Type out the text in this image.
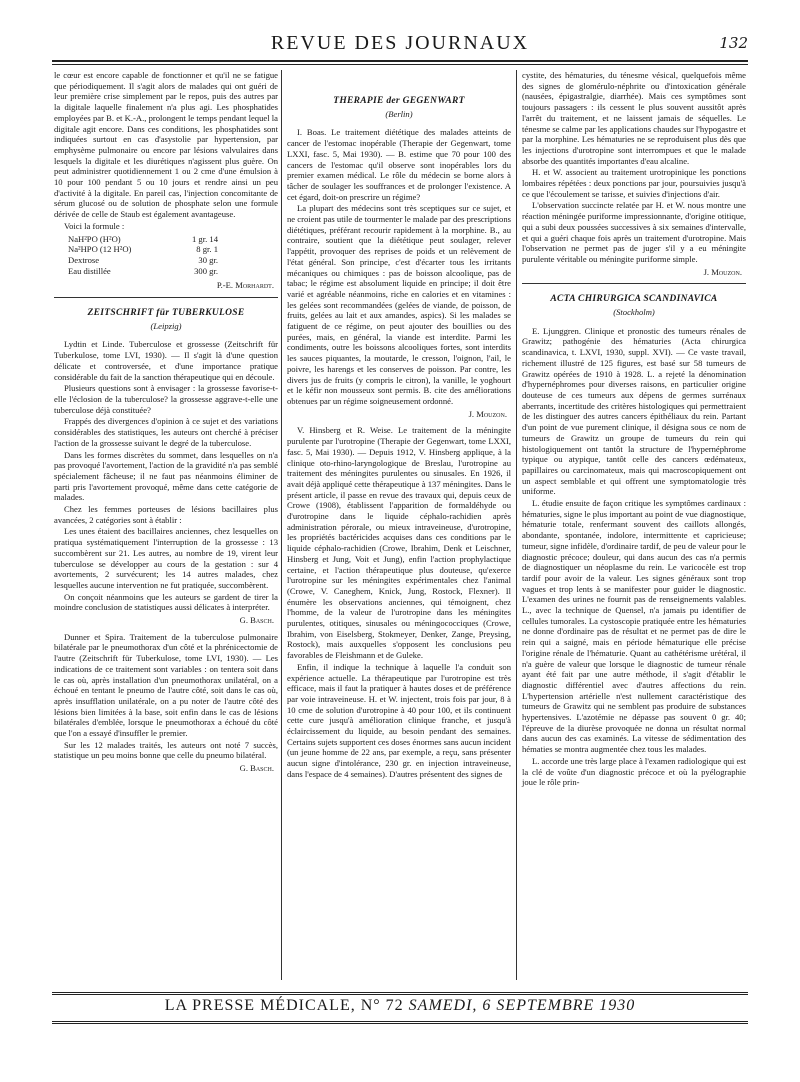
REVUE DES JOURNAUX	132

le cœur est encore capable de fonctionner et qu'il ne se fatigue que périodiquement. Il s'agit alors de malades qui ont guéri de leur première crise simplement par le repos, puis des autres par la digitale laquelle finalement n'a plus agi. Les phosphatides employées par B. et K.-A., prolongent le temps pendant lequel la digitale agit encore. Dans ces conditions, les phosphatides sont indiquées surtout en cas d'asystolie par hypertension, par emphysème pulmonaire ou encore par lésions valvulaires dans lesquels la digitale et les diurétiques n'agissent plus guère. On peut administrer quotidiennement 1 ou 2 cme d'une émulsion à 10 pour 100 pendant 5 ou 10 jours et rendre ainsi un peu d'activité à la digitale. En pareil cas, l'injection concomitante de sérum glucosé ou de solution de phosphate selon une formule dérivée de celle de Staub est également avantageuse.

Voici la formule :

NaH²PO (H²O)	1 gr. 14
Na²HPO (12 H²O)	8 gr. 1
Dextrose	30 gr.
Eau distillée	300 gr.
P.-E. Morhardt.
ZEITSCHRIFT für TUBERKULOSE
(Leipzig)

Lydtin et Linde. Tuberculose et grossesse (Zeitschrift für Tuberkulose, tome LVI, 1930). — Il s'agit là d'une question délicate et controversée, et d'une importance pratique considérable du fait de la sanction thérapeutique qui en découle.

Plusieurs questions sont à envisager : la grossesse favorise-t-elle l'éclosion de la tuberculose? la grossesse aggrave-t-elle une tuberculose déjà constituée?

Frappés des divergences d'opinion à ce sujet et des variations considérables des statistiques, les auteurs ont cherché à préciser l'action de la grossesse suivant le degré de la tuberculose.

Dans les formes discrètes du sommet, dans lesquelles on n'a pas provoqué l'avortement, l'action de la gravidité n'a pas semblé spécialement fâcheuse; il ne faut pas néanmoins éliminer de parti pris l'avortement provoqué, même dans cette catégorie de malades.

Chez les femmes porteuses de lésions bacillaires plus avancées, 2 catégories sont à établir :

Les unes étaient des bacillaires anciennes, chez lesquelles on pratiqua systématiquement l'interruption de la grossesse : 13 succombèrent sur 21. Les autres, au nombre de 19, virent leur tuberculose se développer au cours de la gestation : sur 4 avortements, 2 survécurent; les 14 autres malades, chez lesquelles aucune intervention ne fut pratiquée, succombèrent.

On conçoit néanmoins que les auteurs se gardent de tirer la moindre conclusion de statistiques aussi délicates à interpréter.

G. Basch.

Dunner et Spira. Traitement de la tuberculose pulmonaire bilatérale par le pneumothorax d'un côté et la phrénicectomie de l'autre (Zeitschrift für Tuberkulose, tome LVI, 1930). — Les indications de ce traitement sont variables : on tentera soit dans le cas où, après installation d'un pneumothorax unilatéral, on a échoué en tentant le pneumo de l'autre côté, soit dans le cas où, après insufflation unilatérale, on a pu noter de l'autre côté des lésions bien limitées à la base, soit enfin dans le cas de lésions bilatérales d'emblée, lorsque le pneumothorax a échoué du côté que l'on a essayé d'insuffler le premier.

Sur les 12 malades traités, les auteurs ont noté 7 succès, statistique un peu moins bonne que celle du pneumo bilatéral.

G. Basch.
THERAPIE der GEGENWART
(Berlin)

I. Boas. Le traitement diététique des malades atteints de cancer de l'estomac inopérable (Therapie der Gegenwart, tome LXXI, fasc. 5, Mai 1930). — B. estime que 70 pour 100 des cancers de l'estomac qu'il observe sont inopérables lors du premier examen médical. Le rôle du médecin se borne alors à tâcher de soulager les souffrances et de prolonger l'existence. A cet égard, doit-on prescrire un régime?

La plupart des médecins sont très sceptiques sur ce sujet, et ne croient pas utile de tourmenter le malade par des prescriptions diététiques, préférant recourir rapidement à la morphine. B., au contraire, soutient que la diététique peut soulager, relever l'appétit, provoquer des reprises de poids et un relèvement de l'état général. Son principe, c'est d'écarter tous les irritants mécaniques ou chimiques : pas de boisson alcoolique, pas de tabac; le régime est absolument liquide en principe; il doit être varié et agréable néanmoins, riche en calories et en vitamines : les gelées sont recommandées (gelées de viande, de poisson, de fruits, gelées au lait et aux amandes, aspics). Si les malades se fatiguent de ce régime, on peut ajouter des bouillies ou des purées, mais, en général, la viande est interdite. Parmi les condiments, outre les boissons alcooliques fortes, sont interdits les sauces piquantes, la moutarde, le cresson, l'oignon, l'ail, le poivre, les harengs et les conserves de poisson. Par contre, les divers jus de fruits (y compris le citron), la vanille, le yoghourt et le kéfir non mousseux sont permis. B. cite des améliorations obtenues par un régime soigneusement ordonné.

J. Mouzon.

V. Hinsberg et R. Weise. Le traitement de la méningite purulente par l'urotropine (Therapie der Gegenwart, tome LXXI, fasc. 5, Mai 1930). — Depuis 1912, V. Hinsberg applique, à la clinique oto-rhino-laryngologique de Breslau, l'urotropine au traitement des méningites purulentes ou sinusales. En 1926, il avait déjà appliqué cette thérapeutique à 137 méningites. Dans le présent article, il passe en revue des travaux qui, depuis ceux de Crowe (1908), établissent l'apparition de formaldéhyde ou d'urotropine dans le liquide céphalo-rachidien après administration pérorale, ou mieux intraveineuse, d'urotropine, les propriétés bactéricides acquises dans ces conditions par le liquide céphalo-rachidien (Crowe, Ibrahim, Denk et Leischner, Hinsberg et Jung, Voit et Jung), enfin l'action prophylactique certaine, et l'action thérapeutique plus douteuse, qu'exerce l'urotropine sur les méningites expérimentales chez l'animal (Crowe, V. Caneghem, Knick, Jung, Rostock, Flexner). Il énumère les observations anciennes, qui témoignent, chez l'homme, de la valeur de l'urotropine dans les méningites purulentes, otitiques, sinusales ou méningococciques (Crowe, Ibrahim, von Eiselsberg, Stokmeyer, Denker, Zange, Preysing, Rostock), mais auxquelles s'opposent les conclusions peu favorables de Fleishmann et de Guleke.

Enfin, il indique la technique à laquelle l'a conduit son expérience actuelle. La thérapeutique par l'urotropine est très efficace, mais il faut la pratiquer à hautes doses et de préférence par voie intraveineuse. H. et W. injectent, trois fois par jour, 8 à 10 cme de solution d'urotropine à 40 pour 100, et ils continuent cette cure jusqu'à amélioration clinique franche, et jusqu'à éclaircissement du liquide, au besoin pendant des semaines. Certains sujets supportent ces doses énormes sans aucun incident (un jeune homme de 22 ans, par exemple, a reçu, sans présenter aucun signe d'intolérance, 230 gr. en injection intraveineuse, dans l'espace de 4 semaines). D'autres présentent des signes de

cystite, des hématuries, du ténesme vésical, quelquefois même des signes de glomérulo-néphrite ou d'intoxication générale (nausées, épigastralgie, diarrhée). Mais ces symptômes sont toujours passagers : ils cessent le plus souvent aussitôt après l'arrêt du traitement, et ne laissent jamais de séquelles. Le ténesme se calme par les applications chaudes sur l'hypogastre et par la morphine. Les hématuries ne se reproduisent plus dès que les injections d'urotropine sont interrompues et que le malade absorbe des quantités importantes d'eau alcaline.

H. et W. associent au traitement urotropinique les ponctions lombaires répétées : deux ponctions par jour, poursuivies jusqu'à ce que l'écoulement se tarisse, et suivies d'injections d'air.

L'observation succincte relatée par H. et W. nous montre une réaction méningée puriforme impressionnante, d'origine otitique, qui a subi deux poussées successives à six semaines d'intervalle, et qui a guéri chaque fois après un traitement d'urotropine. Mais l'observation ne permet pas de juger s'il y a eu méningite purulente véritable ou méningite puriforme simple.

J. Mouzon.
ACTA CHIRURGICA SCANDINAVICA
(Stockholm)

E. Ljunggren. Clinique et pronostic des tumeurs rénales de Grawitz; pathogénie des hématuries (Acta chirurgica scandinavica, t. LXVI, 1930, suppl. XVI). — Ce vaste travail, richement illustré de 125 figures, est basé sur 58 tumeurs de Grawitz opérées de 1910 à 1928. L. a rejeté la dénomination d'hypernéphromes pour diverses raisons, en particulier origine douteuse de ces tumeurs aux dépens de germes surrénaux aberrants, incertitude des critères histologiques qui permettraient de les distinguer des autres cancers épithéliaux du rein. Partant d'un point de vue purement clinique, il désigna sous ce nom de tumeurs de Grawitz un groupe de tumeurs du rein qui histologiquement ont tantôt la structure de l'hypernéphrome typique ou atypique, tantôt celle des cancers œdémateux, papillaires ou carcinomateux, mais qui macroscopiquement ont un aspect semblable et qui offrent une symptomatologie très uniforme.

L. étudie ensuite de façon critique les symptômes cardinaux : hématuries, signe le plus important au point de vue diagnostique, hématurie totale, renfermant souvent des caillots allongés, abondante, spontanée, indolore, intermittente et capricieuse; tumeur, signe infidèle, d'ordinaire tardif, de peu de valeur pour le diagnostic précoce; douleur, qui dans aucun des cas n'a permis de diagnostiquer un néoplasme du rein. Le varicocèle est trop tardif pour avoir de la valeur. Les signes généraux sont trop vagues et trop lents à se manifester pour guider le diagnostic. L'examen des urines ne fournit pas de renseignements valables. L., avec la technique de Quensel, n'a jamais pu identifier de cellules tumorales. La cystoscopie pratiquée entre les hématuries ne donne d'ordinaire pas de résultat et ne permet pas de dire le rein qui a saigné, mais en période hématurique elle précise l'origine rénale de l'hématurie. Quant au cathétérisme urétéral, il n'a guère de valeur que lorsque le diagnostic de tumeur rénale ayant été fait par une autre méthode, il s'agit d'établir le diagnostic différentiel avec d'autres affections du rein. L'hypertension artérielle n'est nullement caractéristique des tumeurs de Grawitz qui ne semblent pas produire de substances hypertensives. L'azotémie ne dépasse pas souvent 0 gr. 40; l'épreuve de la diurèse provoquée ne donna un résultat normal dans aucun des cas examinés. La vitesse de sédimentation des hématies se montra augmentée chez tous les malades.

L. accorde une très large place à l'examen radiologique qui est la clé de voûte d'un diagnostic précoce et où la pyélographie joue le rôle prin-

LA PRESSE MÉDICALE, N° 72 SAMEDI, 6 SEPTEMBRE 1930
